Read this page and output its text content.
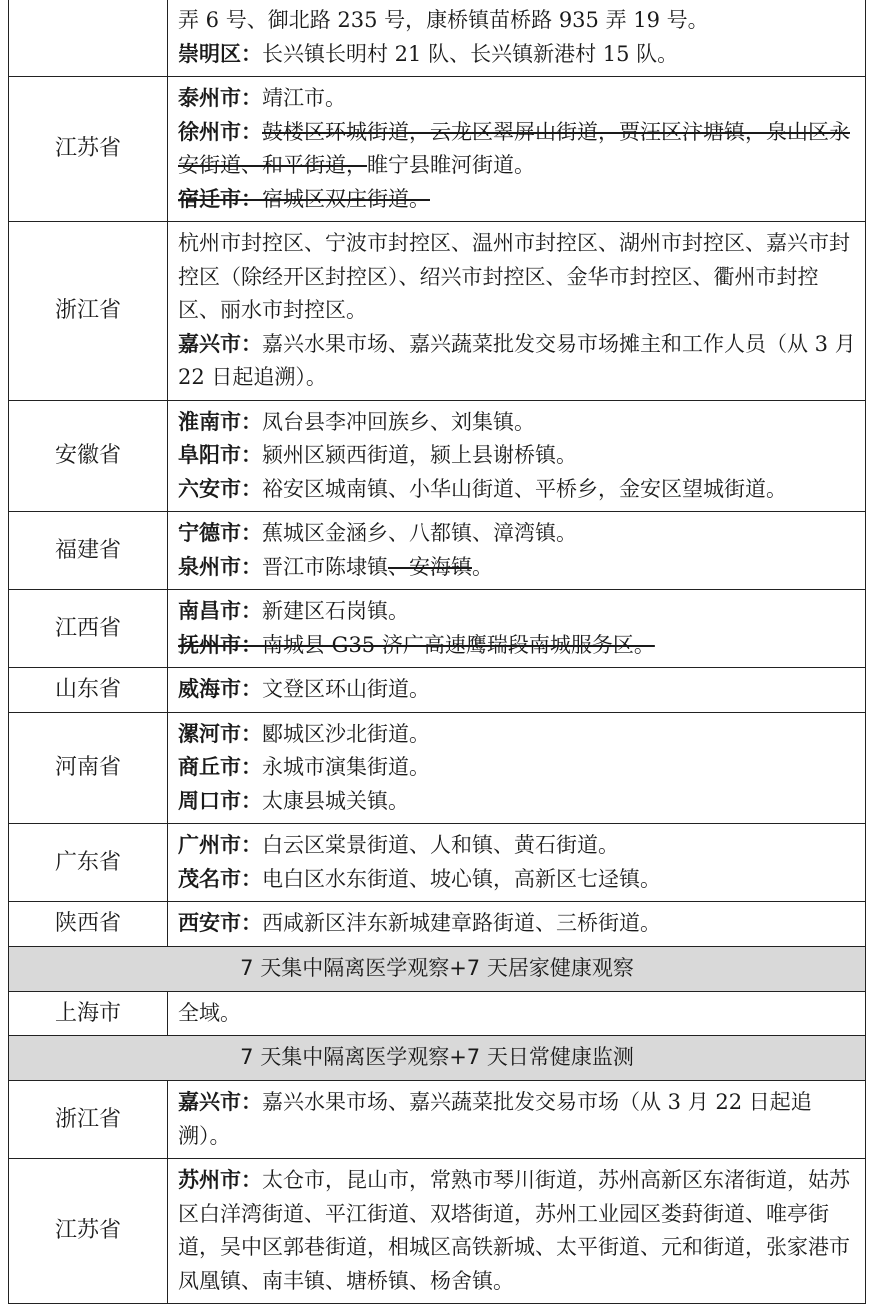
	弄 6 号、御北路 235 号，康桥镇苗桥路 935 弄 19 号。
崇明区：长兴镇长明村 21 队、长兴镇新港村 15 队。

江苏省	泰州市：靖江市。
徐州市：鼓楼区环城街道，云龙区翠屏山街道，贾汪区汴塘镇，泉山区永安街道、和平街道，睢宁县睢河街道。
宿迁市：宿城区双庄街道。

浙江省	杭州市封控区、宁波市封控区、温州市封控区、湖州市封控区、嘉兴市封控区（除经开区封控区）、绍兴市封控区、金华市封控区、衢州市封控区、丽水市封控区。
嘉兴市：嘉兴水果市场、嘉兴蔬菜批发交易市场摊主和工作人员（从 3 月 22 日起追溯）。

安徽省	淮南市：凤台县李冲回族乡、刘集镇。
阜阳市：颍州区颍西街道，颍上县谢桥镇。
六安市：裕安区城南镇、小华山街道、平桥乡，金安区望城街道。

福建省	宁德市：蕉城区金涵乡、八都镇、漳湾镇。
泉州市：晋江市陈埭镇、安海镇。

江西省	南昌市：新建区石岗镇。
抚州市：南城县 G35 济广高速鹰瑞段南城服务区。

山东省	威海市：文登区环山街道。

河南省	漯河市：郾城区沙北街道。
商丘市：永城市演集街道。
周口市：太康县城关镇。

广东省	广州市：白云区棠景街道、人和镇、黄石街道。
茂名市：电白区水东街道、坡心镇，高新区七迳镇。

陕西省	西安市：西咸新区沣东新城建章路街道、三桥街道。

7 天集中隔离医学观察+7 天居家健康观察	
上海市	全域。

7 天集中隔离医学观察+7 天日常健康监测	
浙江省	嘉兴市：嘉兴水果市场、嘉兴蔬菜批发交易市场（从 3 月 22 日起追溯）。

江苏省	苏州市：太仓市，昆山市，常熟市琴川街道，苏州高新区东渚街道，姑苏区白洋湾街道、平江街道、双塔街道，苏州工业园区娄葑街道、唯亭街道，吴中区郭巷街道，相城区高铁新城、太平街道、元和街道，张家港市凤凰镇、南丰镇、塘桥镇、杨舍镇。
